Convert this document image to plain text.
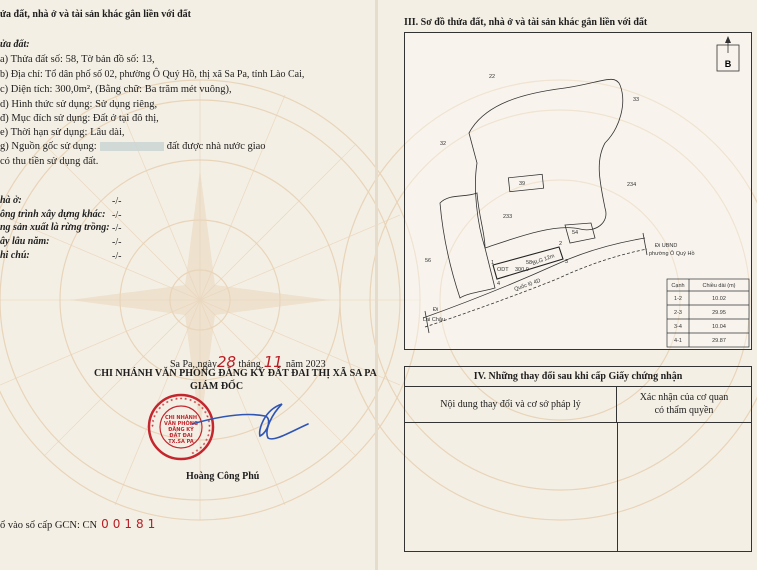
ửa đất, nhà ở và tài sản khác gắn liền với đất
ửa đất:
a) Thửa đất số: 58, Tờ bản đồ số: 13,
b) Địa chỉ: Tổ dân phố số 02, phường Ô Quý Hồ, thị xã Sa Pa, tỉnh Lào Cai,
c) Diện tích: 300,0m², (Bằng chữ: Ba trăm mét vuông),
d) Hình thức sử dụng: Sử dụng riêng,
đ) Mục đích sử dụng: Đất ở tại đô thị,
e) Thời hạn sử dụng: Lâu dài,
g) Nguồn gốc sử dụng:	đất được nhà nước giao
có thu tiền sử dụng đất.
hà ở:	-/-
ông trình xây dựng khác: -/-
ng sản xuất là rừng trồng: -/-
ây lâu năm:	-/-
hi chú:	-/-
Sa Pa, ngày28 tháng 11 năm 2023
CHI NHÁNH VĂN PHÒNG ĐĂNG KÝ ĐẤT ĐAI THỊ XÃ SA PA
GIÁM ĐỐC
* * * * * * * * * * * * * * * * * * * * * * * * * *
CHI NHÁNH
VĂN PHÒNG
ĐĂNG KÝ
ĐẤT ĐAI
TX.SA PA
Hoàng Công Phú
ổ vào sổ cấp GCN: CN 00181
III. Sơ đồ thửa đất, nhà ở và tài sản khác gắn liền với đất
B
22
33
32
39	234
233
54
56	58
ODT 300,0
Quốc lộ 4D
BLG 12m
1
2
3
4
Đi
Lai Châu
Đi UBND
phường Ô Quý Hồ
Cạnh	Chiều dài (m)
1-2	10.02
2-3	29.95
3-4	10.04
4-1	29.87
IV. Những thay đổi sau khi cấp Giấy chứng nhận
Nội dung thay đổi và cơ sở pháp lý
Xác nhận của cơ quan
có thẩm quyền
